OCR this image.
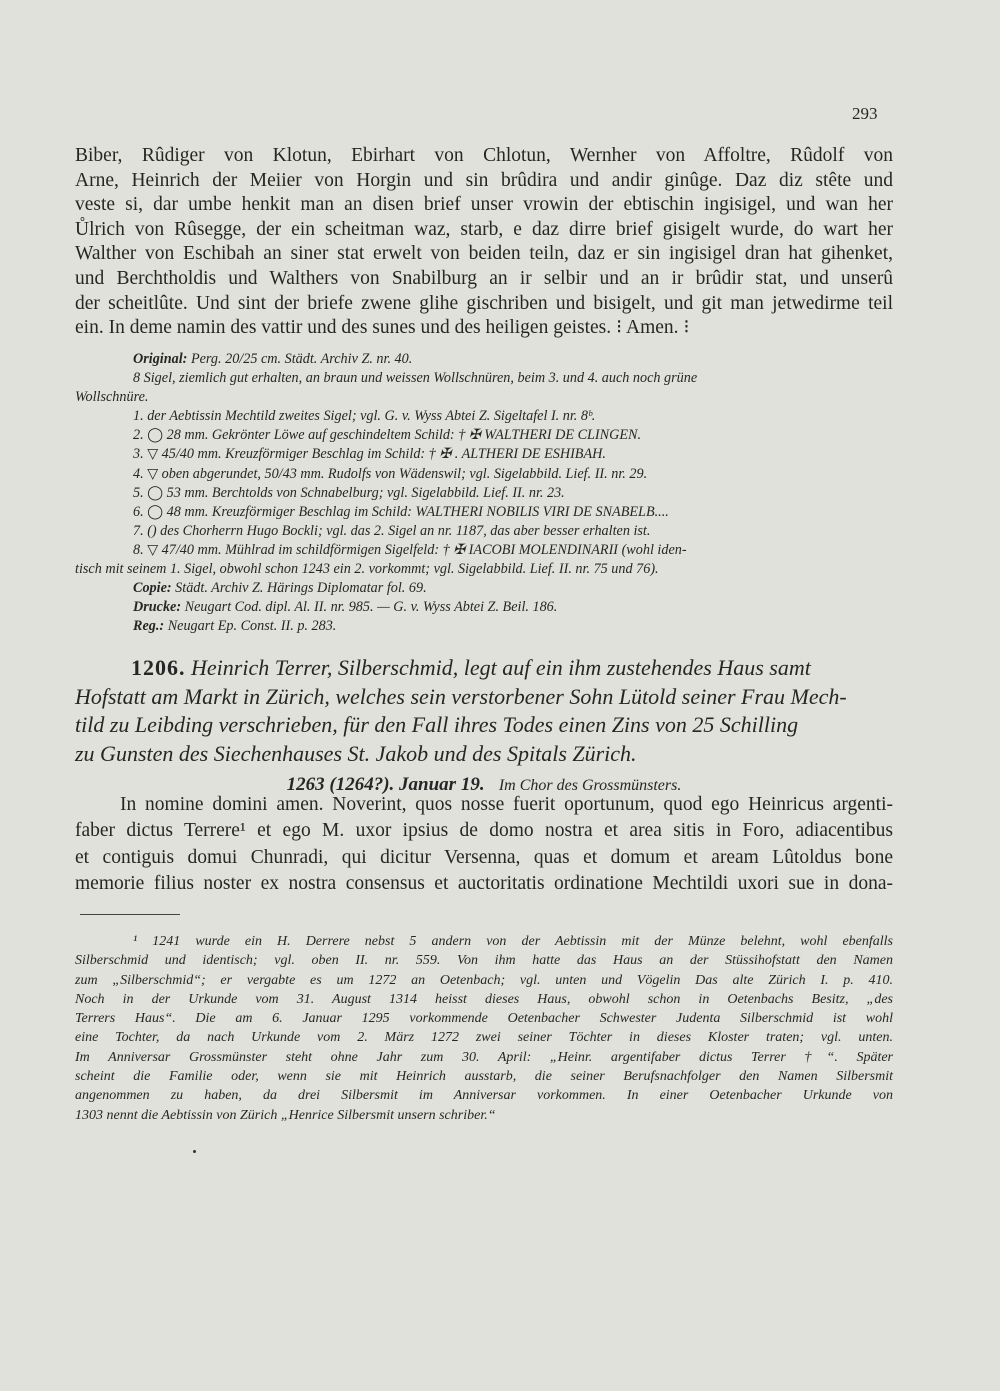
293
Biber, Rûdiger von Klotun, Ebirhart von Chlotun, Wernher von Affoltre, Rûdolf von
Arne, Heinrich der Meiier von Horgin und sin brûdira und andir ginûge. Daz diz stête und
veste si, dar umbe henkit man an disen brief unser vrowin der ebtischin ingisigel, und wan her
Ůlrich von Rûsegge, der ein scheitman waz, starb, e daz dirre brief gisigelt wurde, do wart her
Walther von Eschibah an siner stat erwelt von beiden teiln, daz er sin ingisigel dran hat gihenket,
und Berchtholdis und Walthers von Snabilburg an ir selbir und an ir brûdir stat, und unserû
der scheitlûte. Und sint der briefe zwene glihe gischriben und bisigelt, und git man jetwedirme teil
ein. In deme namin des vattir und des sunes und des heiligen geistes. ⁝ Amen. ⁝
Original: Perg. 20/25 cm. Städt. Archiv Z. nr. 40.
8 Sigel, ziemlich gut erhalten, an braun und weissen Wollschnüren, beim 3. und 4. auch noch grüne
Wollschnüre.
1. der Aebtissin Mechtild zweites Sigel; vgl. G. v. Wyss Abtei Z. Sigeltafel I. nr. 8ᵇ.
2. ◯ 28 mm. Gekrönter Löwe auf geschindeltem Schild: † ✠ WALTHERI DE CLINGEN.
3. ▽ 45/40 mm. Kreuzförmiger Beschlag im Schild: † ✠ . ALTHERI DE ESHIBAH.
4. ▽ oben abgerundet, 50/43 mm. Rudolfs von Wädenswil; vgl. Sigelabbild. Lief. II. nr. 29.
5. ◯ 53 mm. Berchtolds von Schnabelburg; vgl. Sigelabbild. Lief. II. nr. 23.
6. ◯ 48 mm. Kreuzförmiger Beschlag im Schild: WALTHERI NOBILIS VIRI DE SNABELB....
7. () des Chorherrn Hugo Bockli; vgl. das 2. Sigel an nr. 1187, das aber besser erhalten ist.
8. ▽ 47/40 mm. Mühlrad im schildförmigen Sigelfeld: † ✠ IACOBI MOLENDINARII (wohl iden-
tisch mit seinem 1. Sigel, obwohl schon 1243 ein 2. vorkommt; vgl. Sigelabbild. Lief. II. nr. 75 und 76).
Copie: Städt. Archiv Z. Härings Diplomatar fol. 69.
Drucke: Neugart Cod. dipl. Al. II. nr. 985. — G. v. Wyss Abtei Z. Beil. 186.
Reg.: Neugart Ep. Const. II. p. 283.
1206. Heinrich Terrer, Silberschmid, legt auf ein ihm zustehendes Haus samt
Hofstatt am Markt in Zürich, welches sein verstorbener Sohn Lütold seiner Frau Mech-
tild zu Leibding verschrieben, für den Fall ihres Todes einen Zins von 25 Schilling
zu Gunsten des Siechenhauses St. Jakob und des Spitals Zürich.
1263 (1264?). Januar 19. Im Chor des Grossmünsters.
In nomine domini amen. Noverint, quos nosse fuerit oportunum, quod ego Heinricus argenti-
faber dictus Terrere¹ et ego M. uxor ipsius de domo nostra et area sitis in Foro, adiacentibus
et contiguis domui Chunradi, qui dicitur Versenna, quas et domum et aream Lûtoldus bone
memorie filius noster ex nostra consensus et auctoritatis ordinatione Mechtildi uxori sue in dona-
¹ 1241 wurde ein H. Derrere nebst 5 andern von der Aebtissin mit der Münze belehnt, wohl ebenfalls
Silberschmid und identisch; vgl. oben II. nr. 559. Von ihm hatte das Haus an der Stüssihofstatt den Namen
zum „Silberschmid“; er vergabte es um 1272 an Oetenbach; vgl. unten und Vögelin Das alte Zürich I. p. 410.
Noch in der Urkunde vom 31. August 1314 heisst dieses Haus, obwohl schon in Oetenbachs Besitz, „des
Terrers Haus“. Die am 6. Januar 1295 vorkommende Oetenbacher Schwester Judenta Silberschmid ist wohl
eine Tochter, da nach Urkunde vom 2. März 1272 zwei seiner Töchter in dieses Kloster traten; vgl. unten.
Im Anniversar Grossmünster steht ohne Jahr zum 30. April: „Heinr. argentifaber dictus Terrer †“. Später
scheint die Familie oder, wenn sie mit Heinrich ausstarb, die seiner Berufsnachfolger den Namen Silbersmit
angenommen zu haben, da drei Silbersmit im Anniversar vorkommen. In einer Oetenbacher Urkunde von
1303 nennt die Aebtissin von Zürich „Henrice Silbersmit unsern schriber.“
